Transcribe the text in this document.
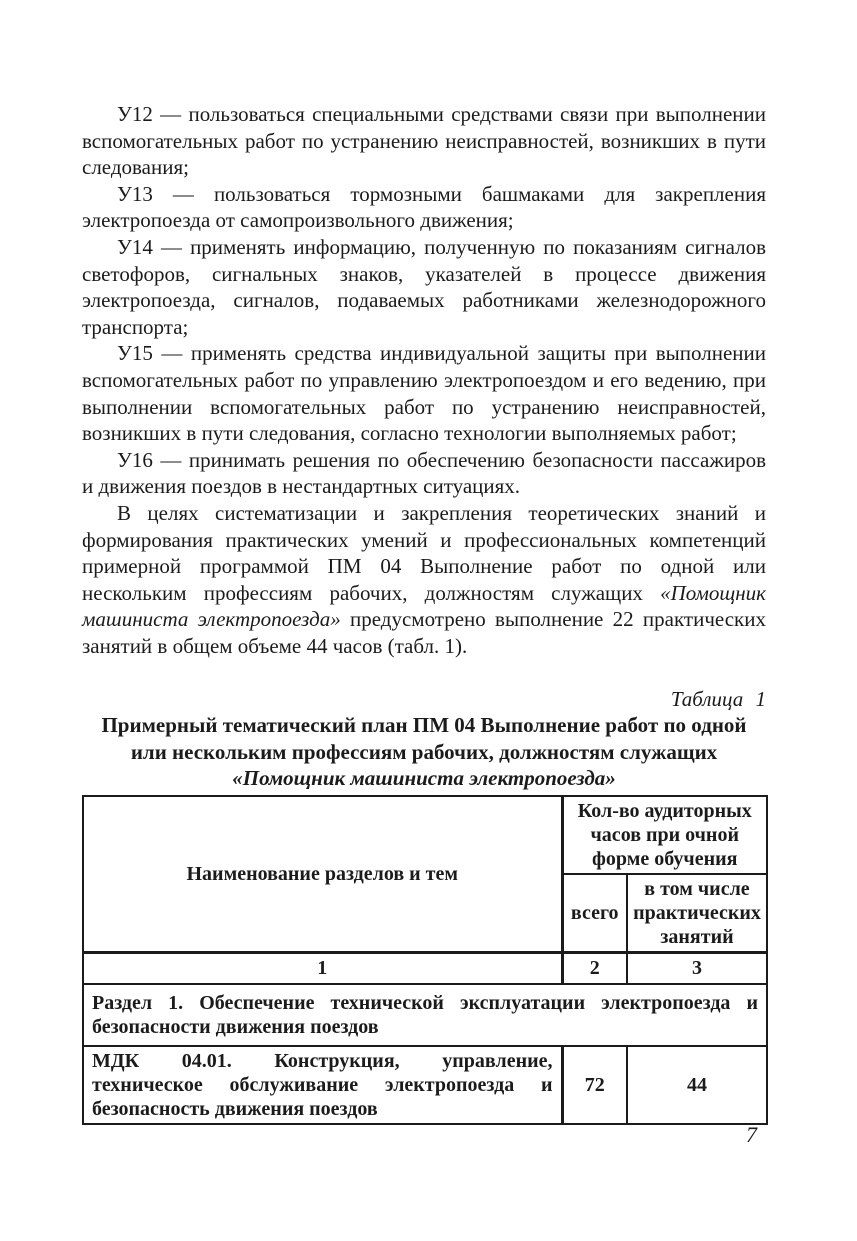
У12 — пользоваться специальными средствами связи при выполнении вспомогательных работ по устранению неисправностей, возникших в пути следования;

У13 — пользоваться тормозными башмаками для закрепления электропоезда от самопроизвольного движения;

У14 — применять информацию, полученную по показаниям сигналов светофоров, сигнальных знаков, указателей в процессе движения электропоезда, сигналов, подаваемых работниками железнодорожного транспорта;

У15 — применять средства индивидуальной защиты при выполнении вспомогательных работ по управлению электропоездом и его ведению, при выполнении вспомогательных работ по устранению неисправностей, возникших в пути следования, согласно технологии выполняемых работ;

У16 — принимать решения по обеспечению безопасности пассажиров и движения поездов в нестандартных ситуациях.

В целях систематизации и закрепления теоретических знаний и формирования практических умений и профессиональных компетенций примерной программой ПМ 04 Выполнение работ по одной или нескольким профессиям рабочих, должностям служащих «Помощник машиниста электропоезда» предусмотрено выполнение 22 практических занятий в общем объеме 44 часов (табл. 1).

Таблица 1
Примерный тематический план ПМ 04 Выполнение работ по одной
или нескольким профессиям рабочих, должностям служащих
«Помощник машиниста электропоезда»
Наименование разделов и тем	Кол-во аудиторных часов при очной форме обучения	
	всего	в том числе практических занятий
1	2	3
Раздел 1. Обеспечение технической эксплуатации электропоезда и безопасности движения поездов		
МДК 04.01. Конструкция, управление, техническое обслуживание электропоезда и безопасность движения поездов	72	44
7
